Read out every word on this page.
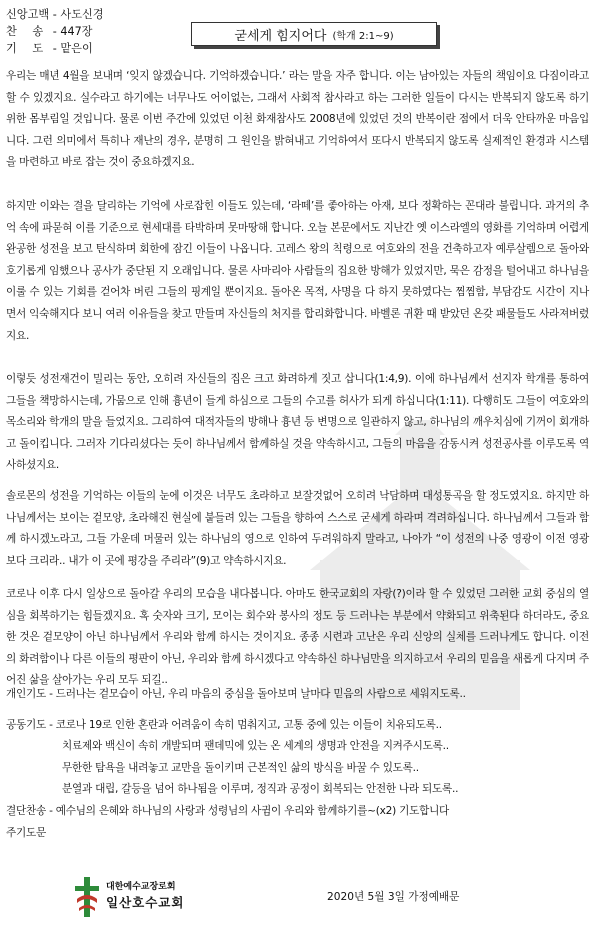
신앙고백 - 사도신경
찬 송 - 447장
기 도 - 맡은이
굳세게 힘지어다 (학개 2:1~9)

우리는 매년 4월을 보내며 ‘잊지 않겠습니다. 기억하겠습니다.’ 라는 말을 자주 합니다. 이는 남아있는 자들의 책임이요 다짐이라고 할 수 있겠지요. 실수라고 하기에는 너무나도 어이없는, 그래서 사회적 참사라고 하는 그러한 일들이 다시는 반복되지 않도록 하기 위한 몸부림일 것입니다. 물론 이번 주간에 있었던 이천 화재참사도 2008년에 있었던 것의 반복이란 점에서 더욱 안타까운 마음입니다. 그런 의미에서 특히나 재난의 경우, 분명히 그 원인을 밝혀내고 기억하여서 또다시 반복되지 않도록 실제적인 환경과 시스템을 마련하고 바로 잡는 것이 중요하겠지요.

하지만 이와는 결을 달리하는 기억에 사로잡힌 이들도 있는데, ‘라떼’를 좋아하는 아재, 보다 정확하는 꼰대라 불립니다. 과거의 추억 속에 파묻혀 이를 기준으로 현세대를 타박하며 못마땅해 합니다. 오늘 본문에서도 지난간 옛 이스라엘의 영화를 기억하며 어렵게 완공한 성전을 보고 탄식하며 회한에 잠긴 이들이 나옵니다. 고레스 왕의 칙령으로 여호와의 전을 건축하고자 예루살렘으로 돌아와 호기롭게 임했으나 공사가 중단된 지 오래입니다. 물론 사마리아 사람들의 집요한 방해가 있었지만, 묵은 감정을 털어내고 하나님을 이룰 수 있는 기회를 걷어차 버린 그들의 핑계일 뿐이지요. 돌아온 목적, 사명을 다 하지 못하였다는 찜찜함, 부담감도 시간이 지나면서 익숙해지다 보니 여러 이유들을 찾고 만들며 자신들의 처지를 합리화합니다. 바벨론 귀환 때 받았던 온갖 패물들도 사라져버렸지요.

이렇듯 성전재건이 밀리는 동안, 오히려 자신들의 집은 크고 화려하게 짓고 삽니다(1:4,9). 이에 하나님께서 선지자 학개를 통하여 그들을 책망하시는데, 가뭄으로 인해 흉년이 들게 하심으로 그들의 수고를 허사가 되게 하십니다(1:11). 다행히도 그들이 여호와의 목소리와 학개의 말을 들었지요. 그리하여 대적자들의 방해나 흉년 등 변명으로 일관하지 않고, 하나님의 깨우치심에 기꺼이 회개하고 돌이킵니다. 그러자 기다리셨다는 듯이 하나님께서 함께하실 것을 약속하시고, 그들의 마음을 감동시켜 성전공사를 이루도록 역사하셨지요.

솔로몬의 성전을 기억하는 이들의 눈에 이것은 너무도 초라하고 보잘것없어 오히려 낙담하며 대성통곡을 할 정도였지요. 하지만 하나님께서는 보이는 겉모양, 초라해진 현실에 붙들려 있는 그들을 향하여 스스로 굳세게 하라며 격려하십니다. 하나님께서 그들과 함께 하시겠노라고, 그들 가운데 머물러 있는 하나님의 영으로 인하여 두려워하지 말라고, 나아가 “이 성전의 나중 영광이 이전 영광보다 크리라.. 내가 이 곳에 평강을 주리라”(9)고 약속하시지요.

코로나 이후 다시 일상으로 돌아갈 우리의 모습을 내다봅니다. 아마도 한국교회의 자랑(?)이라 할 수 있었던 그러한 교회 중심의 열심을 회복하기는 힘들겠지요. 혹 숫자와 크기, 모이는 회수와 봉사의 정도 등 드러나는 부분에서 약화되고 위축된다 하더라도, 중요한 것은 겉모양이 아닌 하나님께서 우리와 함께 하시는 것이지요. 종종 시련과 고난은 우리 신앙의 실체를 드러나게도 합니다. 이전의 화려함이나 다른 이들의 평판이 아닌, 우리와 함께 하시겠다고 약속하신 하나님만을 의지하고서 우리의 믿음을 새롭게 다지며 주어진 삶을 살아가는 우리 모두 되길..

개인기도 - 드러나는 겉모습이 아닌, 우리 마음의 중심을 돌아보며 날마다 믿음의 사람으로 세워지도록..
공동기도 - 코로나 19로 인한 혼란과 어려움이 속히 멈춰지고, 고통 중에 있는 이들이 치유되도록..
치료제와 백신이 속히 개발되며 팬데믹에 있는 온 세계의 생명과 안전을 지켜주시도록..
무한한 탐욕을 내려놓고 교만을 돌이키며 근본적인 삶의 방식을 바꿀 수 있도록..
분열과 대립, 갈등을 넘어 하나됨을 이루며, 정직과 공정이 회복되는 안전한 나라 되도록..
결단찬송 - 예수님의 은혜와 하나님의 사랑과 성령님의 사귐이 우리와 함께하기를~(x2) 기도합니다
주기도문
대한예수교장로회
일산호수교회	2020년 5월 3일 가정예배문
